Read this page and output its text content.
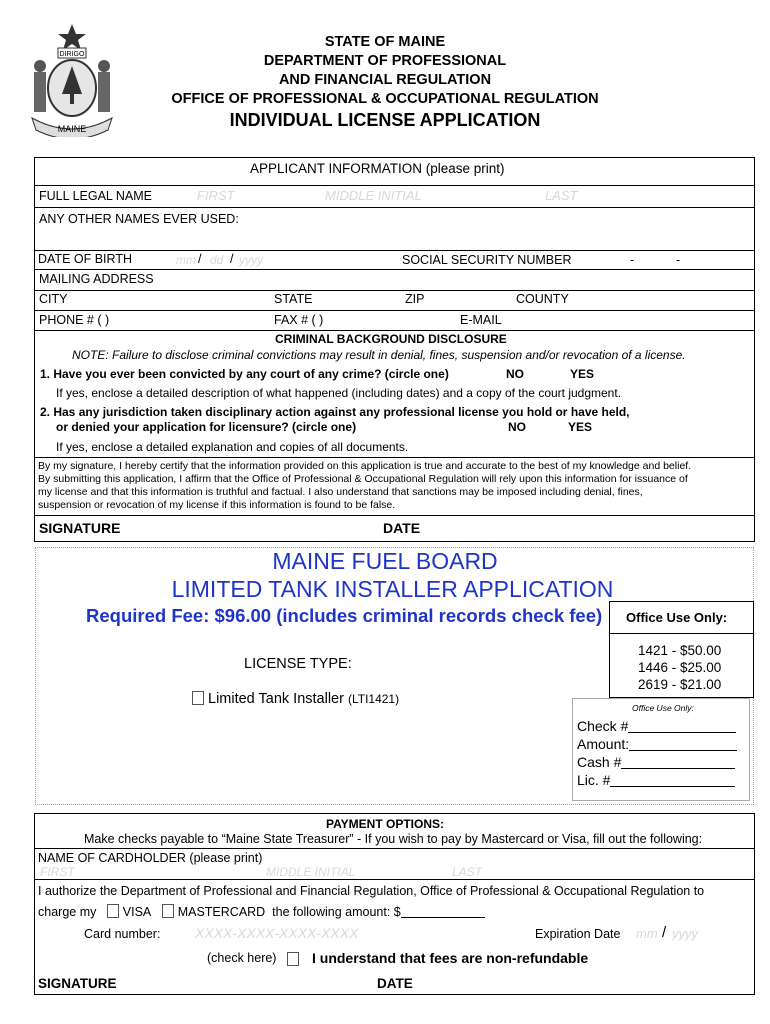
DIRIGO
MAINE
STATE OF MAINE
DEPARTMENT OF PROFESSIONAL
AND FINANCIAL REGULATION
OFFICE OF PROFESSIONAL & OCCUPATIONAL REGULATION
INDIVIDUAL LICENSE APPLICATION
APPLICANT INFORMATION (please print)
FULL LEGAL NAME	FIRST	MIDDLE INITIAL	LAST
ANY OTHER NAMES EVER USED:
DATE OF BIRTH	mm / dd / yyyy	SOCIAL SECURITY NUMBER	-	-
MAILING ADDRESS
CITY	STATE	ZIP	COUNTY
PHONE # ( )	FAX # ( )	E-MAIL
CRIMINAL BACKGROUND DISCLOSURE
NOTE: Failure to disclose criminal convictions may result in denial, fines, suspension and/or revocation of a license.
1. Have you ever been convicted by any court of any crime? (circle one)	NO	YES
If yes, enclose a detailed description of what happened (including dates) and a copy of the court judgment.
2. Has any jurisdiction taken disciplinary action against any professional license you hold or have held,
or denied your application for licensure? (circle one)	NO	YES
If yes, enclose a detailed explanation and copies of all documents.
By my signature, I hereby certify that the information provided on this application is true and accurate to the best of my knowledge and belief.
By submitting this application, I affirm that the Office of Professional & Occupational Regulation will rely upon this information for issuance of
my license and that this information is truthful and factual. I also understand that sanctions may be imposed including denial, fines,
suspension or revocation of my license if this information is found to be false.
SIGNATURE	DATE
MAINE FUEL BOARD
LIMITED TANK INSTALLER APPLICATION
Required Fee: $96.00 (includes criminal records check fee)
LICENSE TYPE:
Limited Tank Installer (LTI1421)
Office Use Only:
1421 - $50.00
1446 - $25.00
2619 - $21.00
Office Use Only:
Check #
Amount:
Cash #
Lic. #
PAYMENT OPTIONS:
Make checks payable to “Maine State Treasurer” - If you wish to pay by Mastercard or Visa, fill out the following:
NAME OF CARDHOLDER (please print)
FIRST	MIDDLE INITIAL	LAST
I authorize the Department of Professional and Financial Regulation, Office of Professional & Occupational Regulation to
charge my VISA MASTERCARD the following amount: $
Card number: XXXX-XXXX-XXXX-XXXX	Expiration Date mm / yyyy
(check here)	I understand that fees are non-refundable
SIGNATURE	DATE
